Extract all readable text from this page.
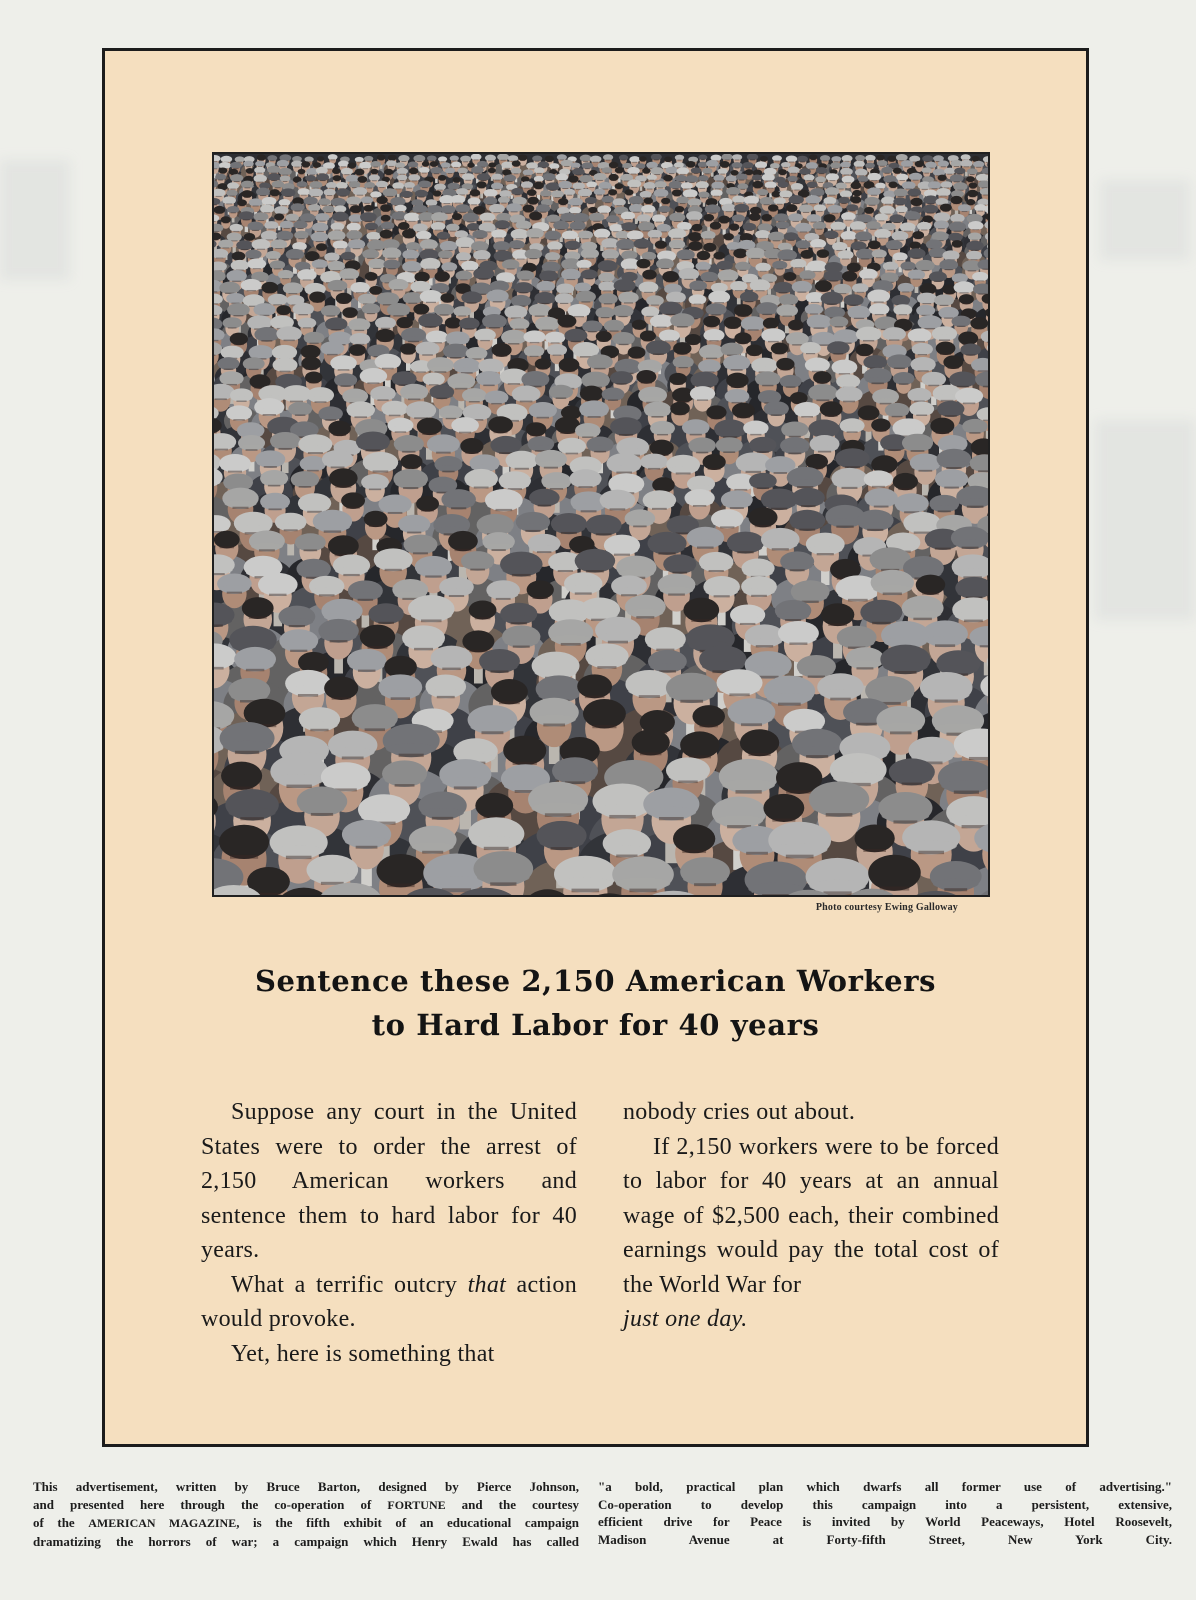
Photo courtesy Ewing Galloway
Sentence these 2,150 American Workers
to Hard Labor for 40 years

Suppose any court in the United States were to order the arrest of 2,150 American workers and sentence them to hard labor for 40 years.

What a terrific outcry that action would provoke.

Yet, here is something that

nobody cries out about.

If 2,150 workers were to be forced to labor for 40 years at an annual wage of $2,500 each, their combined earnings would pay the total cost of the World War for

just one day.

This advertisement, written by Bruce Barton, designed by Pierce Johnson,
and presented here through the co-operation of FORTUNE and the courtesy
of the AMERICAN MAGAZINE, is the fifth exhibit of an educational campaign
dramatizing the horrors of war; a campaign which Henry Ewald has called
"a bold, practical plan which dwarfs all former use of advertising."
Co-operation to develop this campaign into a persistent, extensive,
efficient drive for Peace is invited by World Peaceways, Hotel Roosevelt,
Madison Avenue at Forty-fifth Street, New York City.
